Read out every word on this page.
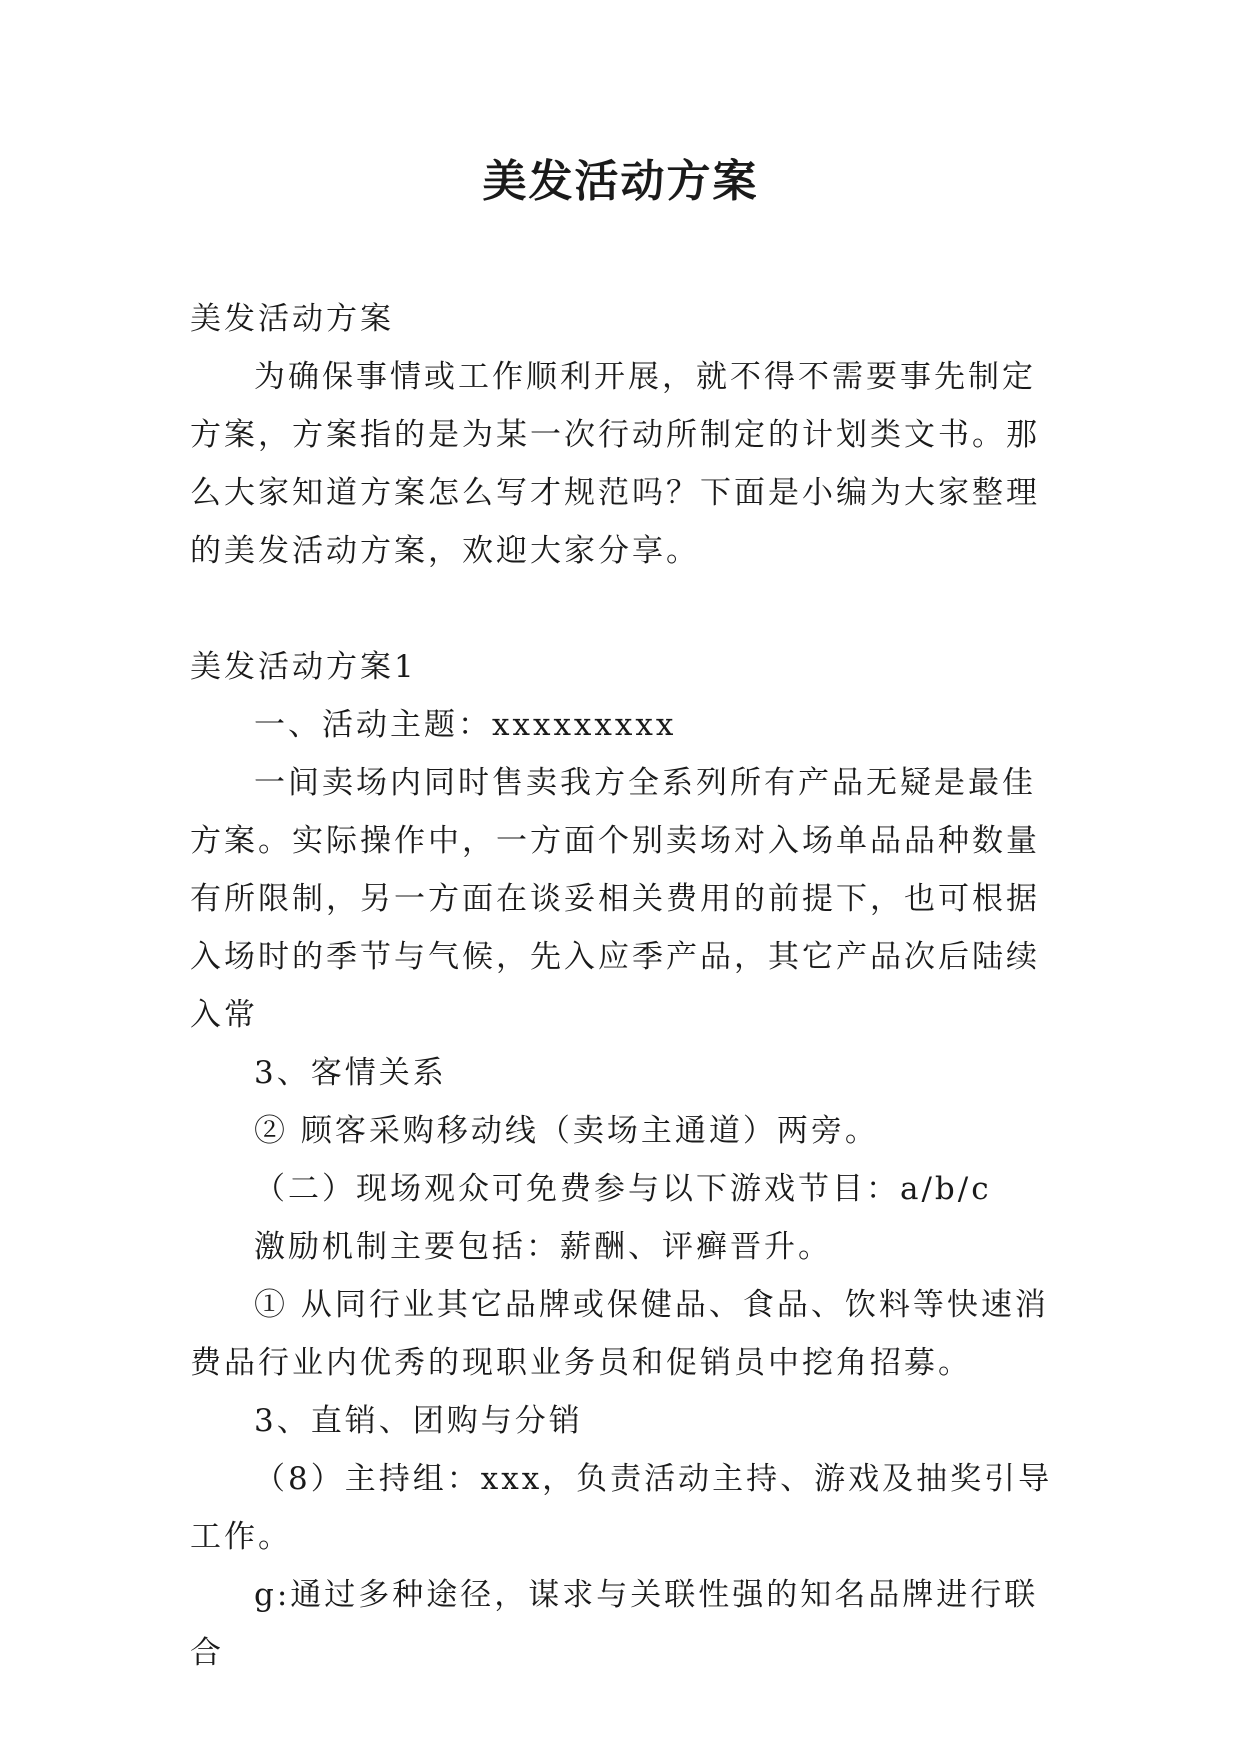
美发活动方案

美发活动方案

为确保事情或工作顺利开展，就不得不需要事先制定方案，方案指的是为某一次行动所制定的计划类文书。那么大家知道方案怎么写才规范吗？下面是小编为大家整理的美发活动方案，欢迎大家分享。

美发活动方案1

一、活动主题：xxxxxxxxx

一间卖场内同时售卖我方全系列所有产品无疑是最佳方案。实际操作中，一方面个别卖场对入场单品品种数量有所限制，另一方面在谈妥相关费用的前提下，也可根据入场时的季节与气候，先入应季产品，其它产品次后陆续入常

3、客情关系

② 顾客采购移动线（卖场主通道）两旁。

（二）现场观众可免费参与以下游戏节目：a/b/c

激励机制主要包括：薪酬、评癣晋升。

① 从同行业其它品牌或保健品、食品、饮料等快速消费品行业内优秀的现职业务员和促销员中挖角招募。

3、直销、团购与分销

（8）主持组：xxx，负责活动主持、游戏及抽奖引导工作。

g:通过多种途径，谋求与关联性强的知名品牌进行联合
